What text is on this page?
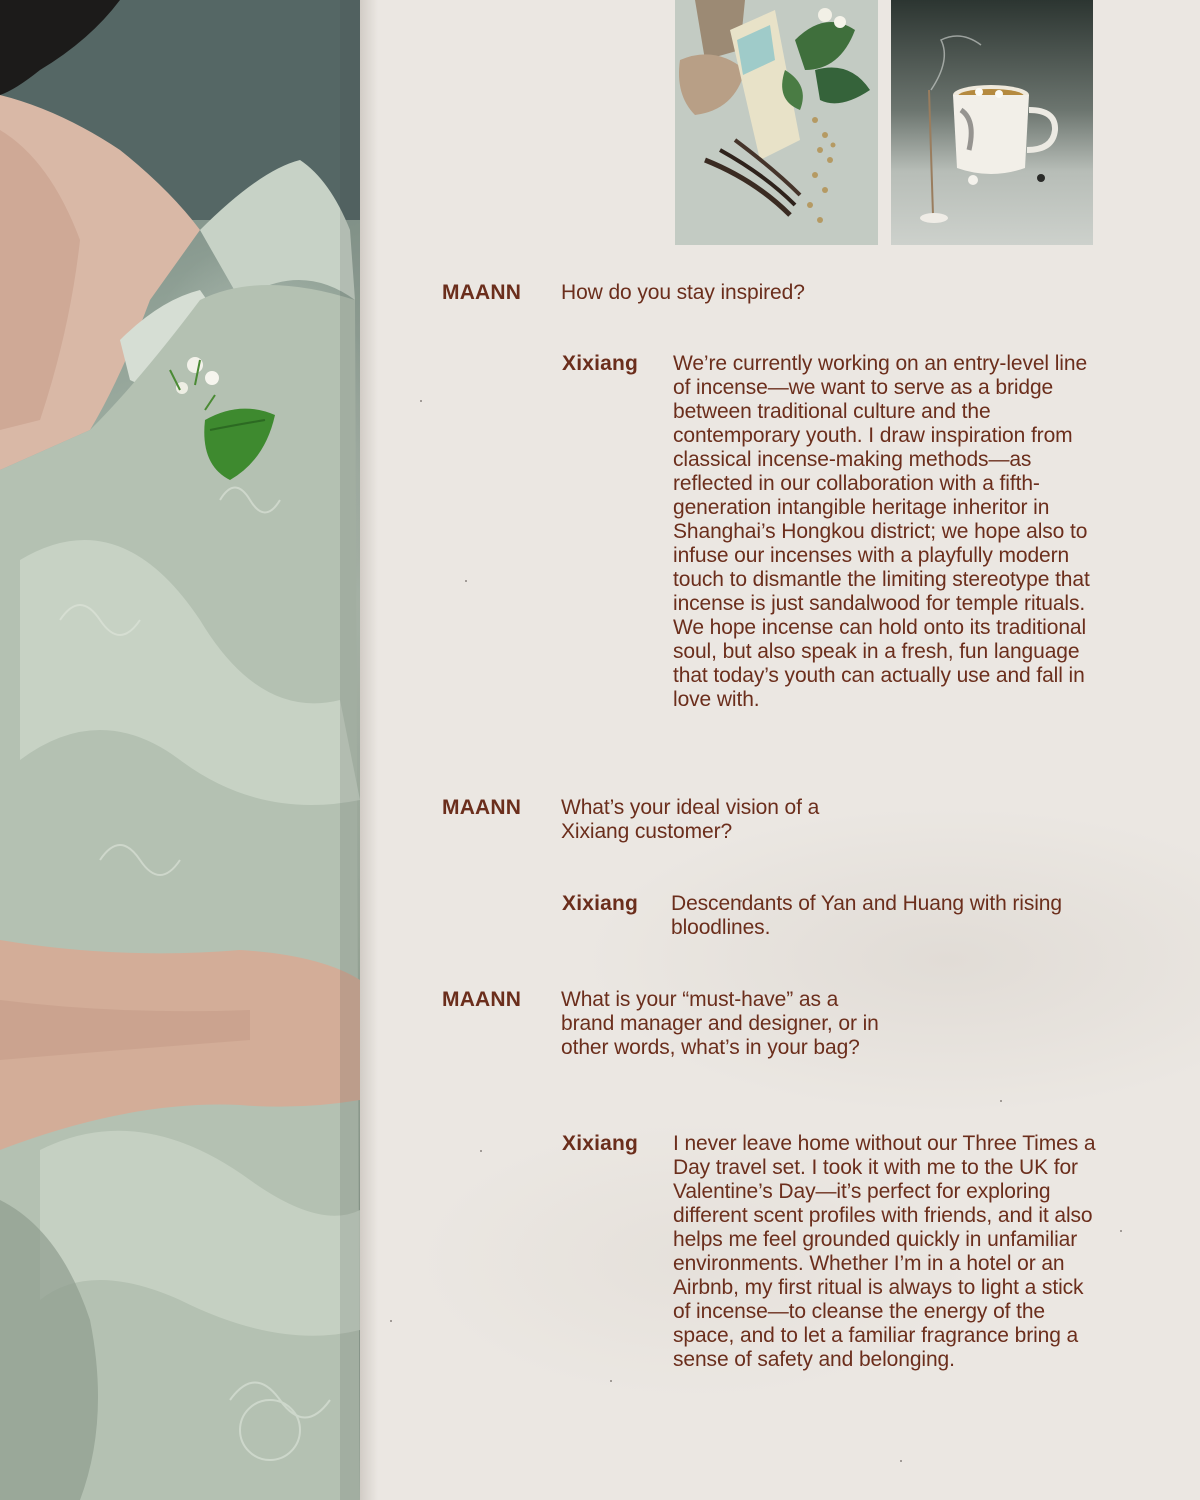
MAANN How do you stay inspired?
Xixiang We’re currently working on an entry-level line of incense—we want to serve as a bridge between traditional culture and the contemporary youth. I draw inspiration from classical incense-making methods—as reflected in our collaboration with a fifth-generation intangible heritage inheritor in Shanghai’s Hongkou district; we hope also to infuse our incenses with a playfully modern touch to dismantle the limiting stereotype that incense is just sandalwood for temple rituals. We hope incense can hold onto its traditional soul, but also speak in a fresh, fun language that today’s youth can actually use and fall in love with.
MAANN What’s your ideal vision of a Xixiang customer?
Xixiang Descendants of Yan and Huang with rising bloodlines.
MAANN What is your “must-have” as a brand manager and designer, or in other words, what’s in your bag?
Xixiang I never leave home without our Three Times a Day travel set. I took it with me to the UK for Valentine’s Day—it’s perfect for exploring different scent profiles with friends, and it also helps me feel grounded quickly in unfamiliar environments. Whether I’m in a hotel or an Airbnb, my first ritual is always to light a stick of incense—to cleanse the energy of the space, and to let a familiar fragrance bring a sense of safety and belonging.
